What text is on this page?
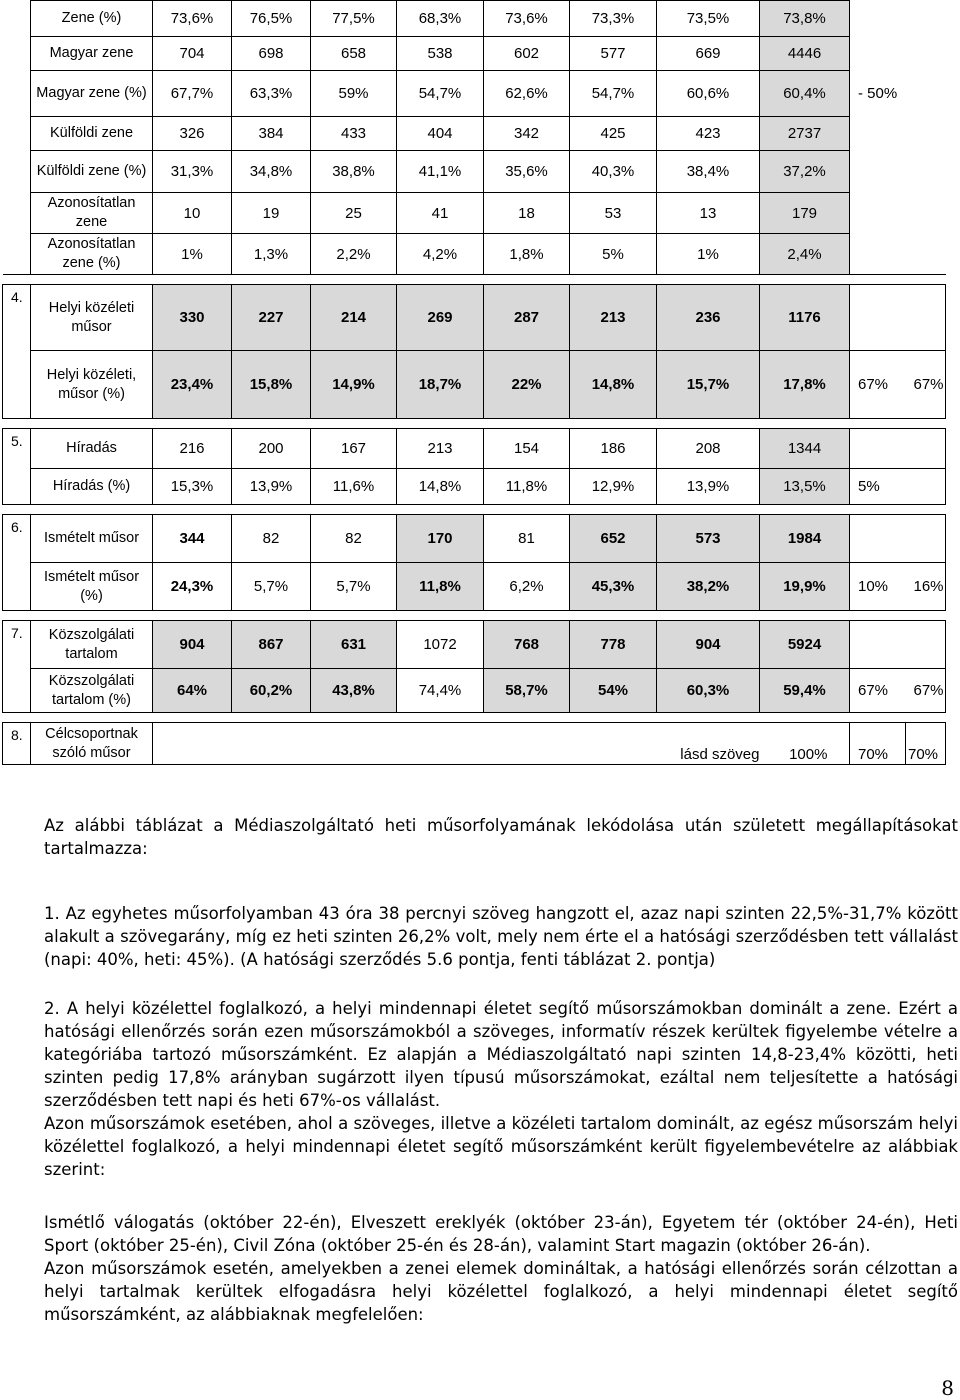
	Zene (%)	73,6%	76,5%	77,5%	68,3%	73,6%	73,3%	73,5%	73,8%		
	Magyar zene	704	698	658	538	602	577	669	4446		
	Magyar zene (%)	67,7%	63,3%	59%	54,7%	62,6%	54,7%	60,6%	60,4%	- 50%	
	Külföldi zene	326	384	433	404	342	425	423	2737		
	Külföldi zene (%)	31,3%	34,8%	38,8%	41,1%	35,6%	40,3%	38,4%	37,2%		
	Azonosítatlan zene	10	19	25	41	18	53	13	179		
	Azonosítatlan zene (%)	1%	1,3%	2,2%	4,2%	1,8%	5%	1%	2,4%		

4.	Helyi közéleti műsor	330	227	214	269	287	213	236	1176		
	Helyi közéleti, műsor (%)	23,4%	15,8%	14,9%	18,7%	22%	14,8%	15,7%	17,8%	67%	67%

5.	Híradás	216	200	167	213	154	186	208	1344		
	Híradás (%)	15,3%	13,9%	11,6%	14,8%	11,8%	12,9%	13,9%	13,5%	5%	

6.	Ismételt műsor	344	82	82	170	81	652	573	1984		
	Ismételt műsor (%)	24,3%	5,7%	5,7%	11,8%	6,2%	45,3%	38,2%	19,9%	10%	16%

7.	Közszolgálati tartalom	904	867	631	1072	768	778	904	5924		
	Közszolgálati tartalom (%)	64%	60,2%	43,8%	74,4%	58,7%	54%	60,3%	59,4%	67%	67%

8.	Célcsoportnak szóló műsor	lásd szöveg							100%	70%	70%

Az alábbi táblázat a Médiaszolgáltató heti műsorfolyamának lekódolása után született megállapításokat tartalmazza:

1. Az egyhetes műsorfolyamban 43 óra 38 percnyi szöveg hangzott el, azaz napi szinten 22,5%-31,7% között alakult a szövegarány, míg ez heti szinten 26,2% volt, mely nem érte el a hatósági szerződésben tett vállalást (napi: 40%, heti: 45%). (A hatósági szerződés 5.6 pontja, fenti táblázat 2. pontja)

2. A helyi közélettel foglalkozó, a helyi mindennapi életet segítő műsorszámokban dominált a zene. Ezért a hatósági ellenőrzés során ezen műsorszámokból a szöveges, informatív részek kerültek figyelembe vételre a kategóriába tartozó műsorszámként. Ez alapján a Médiaszolgáltató napi szinten 14,8-23,4% közötti, heti szinten pedig 17,8% arányban sugárzott ilyen típusú műsorszámokat, ezáltal nem teljesítette a hatósági szerződésben tett napi és heti 67%-os vállalást.

Azon műsorszámok esetében, ahol a szöveges, illetve a közéleti tartalom dominált, az egész műsorszám helyi közélettel foglalkozó, a helyi mindennapi életet segítő műsorszámként került figyelembevételre az alábbiak szerint:

Ismétlő válogatás (október 22-én), Elveszett ereklyék (október 23-án), Egyetem tér (október 24-én), Heti Sport (október 25-én), Civil Zóna (október 25-én és 28-án), valamint Start magazin (október 26-án).

Azon műsorszámok esetén, amelyekben a zenei elemek domináltak, a hatósági ellenőrzés során célzottan a helyi tartalmak kerültek elfogadásra helyi közélettel foglalkozó, a helyi mindennapi életet segítő műsorszámként, az alábbiaknak megfelelően:

8
